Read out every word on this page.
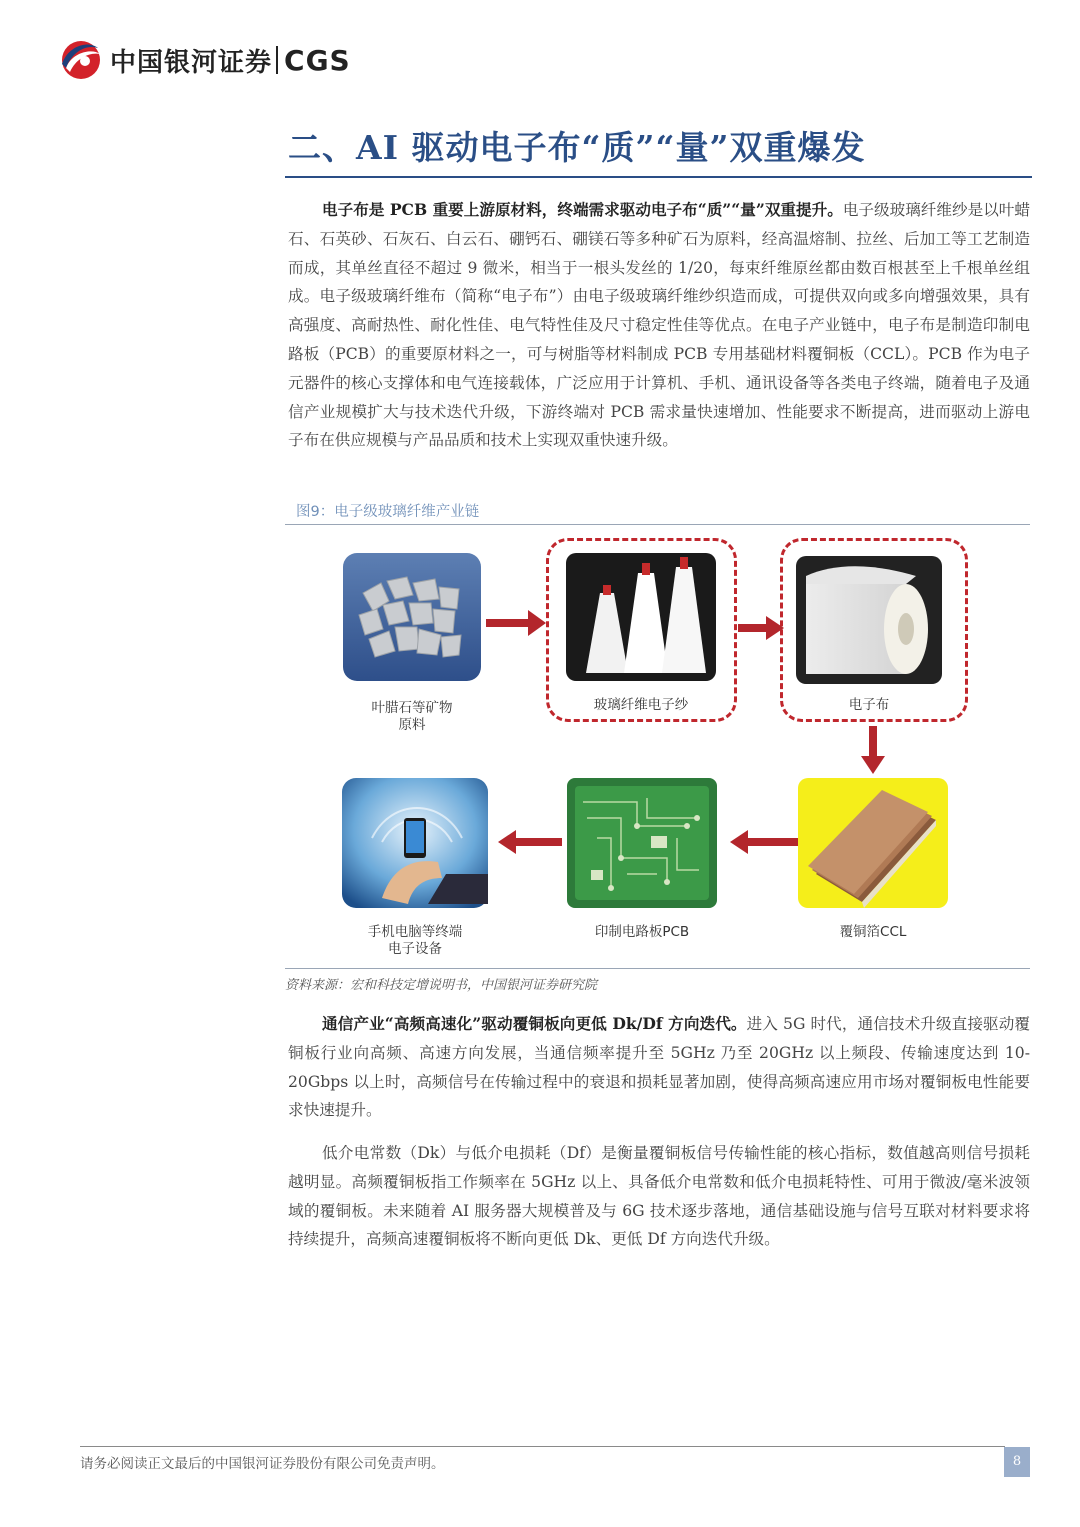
中国银河证券 CGS
二、AI 驱动电子布“质”“量”双重爆发

电子布是 PCB 重要上游原材料，终端需求驱动电子布“质”“量”双重提升。电子级玻璃纤维纱是以叶蜡石、石英砂、石灰石、白云石、硼钙石、硼镁石等多种矿石为原料，经高温熔制、拉丝、后加工等工艺制造而成，其单丝直径不超过 9 微米，相当于一根头发丝的 1/20，每束纤维原丝都由数百根甚至上千根单丝组成。电子级玻璃纤维布（简称“电子布”）由电子级玻璃纤维纱织造而成，可提供双向或多向增强效果，具有高强度、高耐热性、耐化性佳、电气特性佳及尺寸稳定性佳等优点。在电子产业链中，电子布是制造印制电路板（PCB）的重要原材料之一，可与树脂等材料制成 PCB 专用基础材料覆铜板（CCL）。PCB 作为电子元器件的核心支撑体和电气连接载体，广泛应用于计算机、手机、通讯设备等各类电子终端，随着电子及通信产业规模扩大与技术迭代升级，下游终端对 PCB 需求量快速增加、性能要求不断提高，进而驱动上游电子布在供应规模与产品品质和技术上实现双重快速升级。

图9：电子级玻璃纤维产业链
叶腊石等矿物
原料
玻璃纤维电子纱	电子布
覆铜箔CCL
印制电路板PCB
手机电脑等终端
电子设备
资料来源：宏和科技定增说明书，中国银河证券研究院

通信产业“高频高速化”驱动覆铜板向更低 Dk/Df 方向迭代。进入 5G 时代，通信技术升级直接驱动覆铜板行业向高频、高速方向发展，当通信频率提升至 5GHz 乃至 20GHz 以上频段、传输速度达到 10-20Gbps 以上时，高频信号在传输过程中的衰退和损耗显著加剧，使得高频高速应用市场对覆铜板电性能要求快速提升。

低介电常数（Dk）与低介电损耗（Df）是衡量覆铜板信号传输性能的核心指标，数值越高则信号损耗越明显。高频覆铜板指工作频率在 5GHz 以上、具备低介电常数和低介电损耗特性、可用于微波/毫米波领域的覆铜板。未来随着 AI 服务器大规模普及与 6G 技术逐步落地，通信基础设施与信号互联对材料要求将持续提升，高频高速覆铜板将不断向更低 Dk、更低 Df 方向迭代升级。

请务必阅读正文最后的中国银河证券股份有限公司免责声明。	8
